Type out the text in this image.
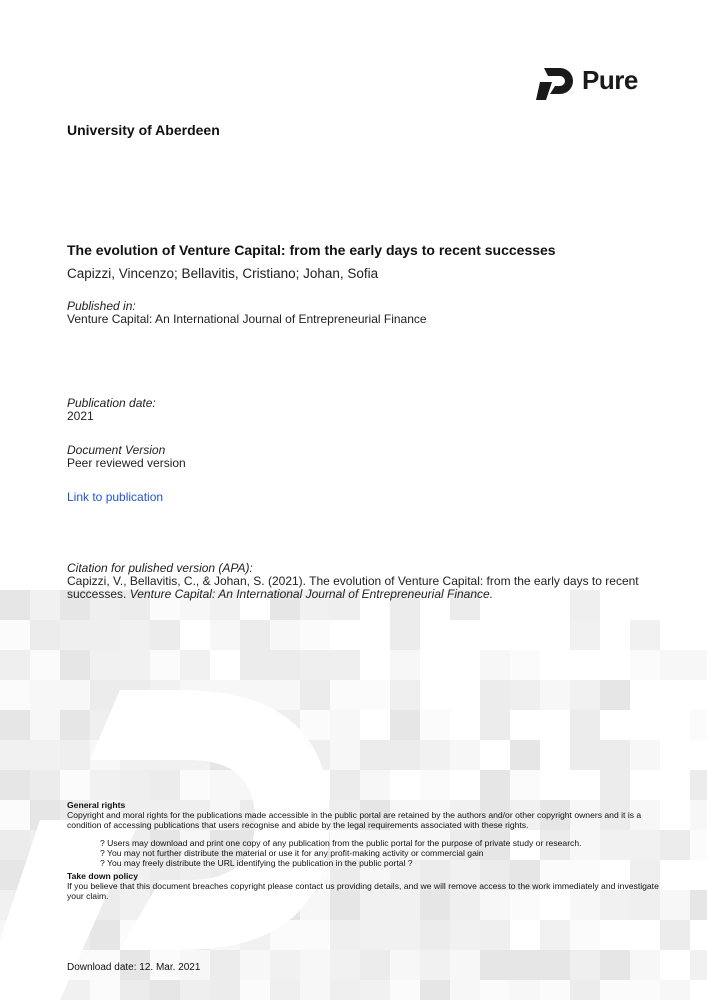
Pure
University of Aberdeen
The evolution of Venture Capital: from the early days to recent successes
Capizzi, Vincenzo; Bellavitis, Cristiano; Johan, Sofia
Published in:
Venture Capital: An International Journal of Entrepreneurial Finance
Publication date:
2021
Document Version
Peer reviewed version
Link to publication
Citation for pulished version (APA):
Capizzi, V., Bellavitis, C., & Johan, S. (2021). The evolution of Venture Capital: from the early days to recent successes. Venture Capital: An International Journal of Entrepreneurial Finance.
General rights
Copyright and moral rights for the publications made accessible in the public portal are retained by the authors and/or other copyright owners and it is a condition of accessing publications that users recognise and abide by the legal requirements associated with these rights.
? Users may download and print one copy of any publication from the public portal for the purpose of private study or research.
? You may not further distribute the material or use it for any profit-making activity or commercial gain
? You may freely distribute the URL identifying the publication in the public portal ?
Take down policy
If you believe that this document breaches copyright please contact us providing details, and we will remove access to the work immediately and investigate your claim.
Download date: 12. Mar. 2021
